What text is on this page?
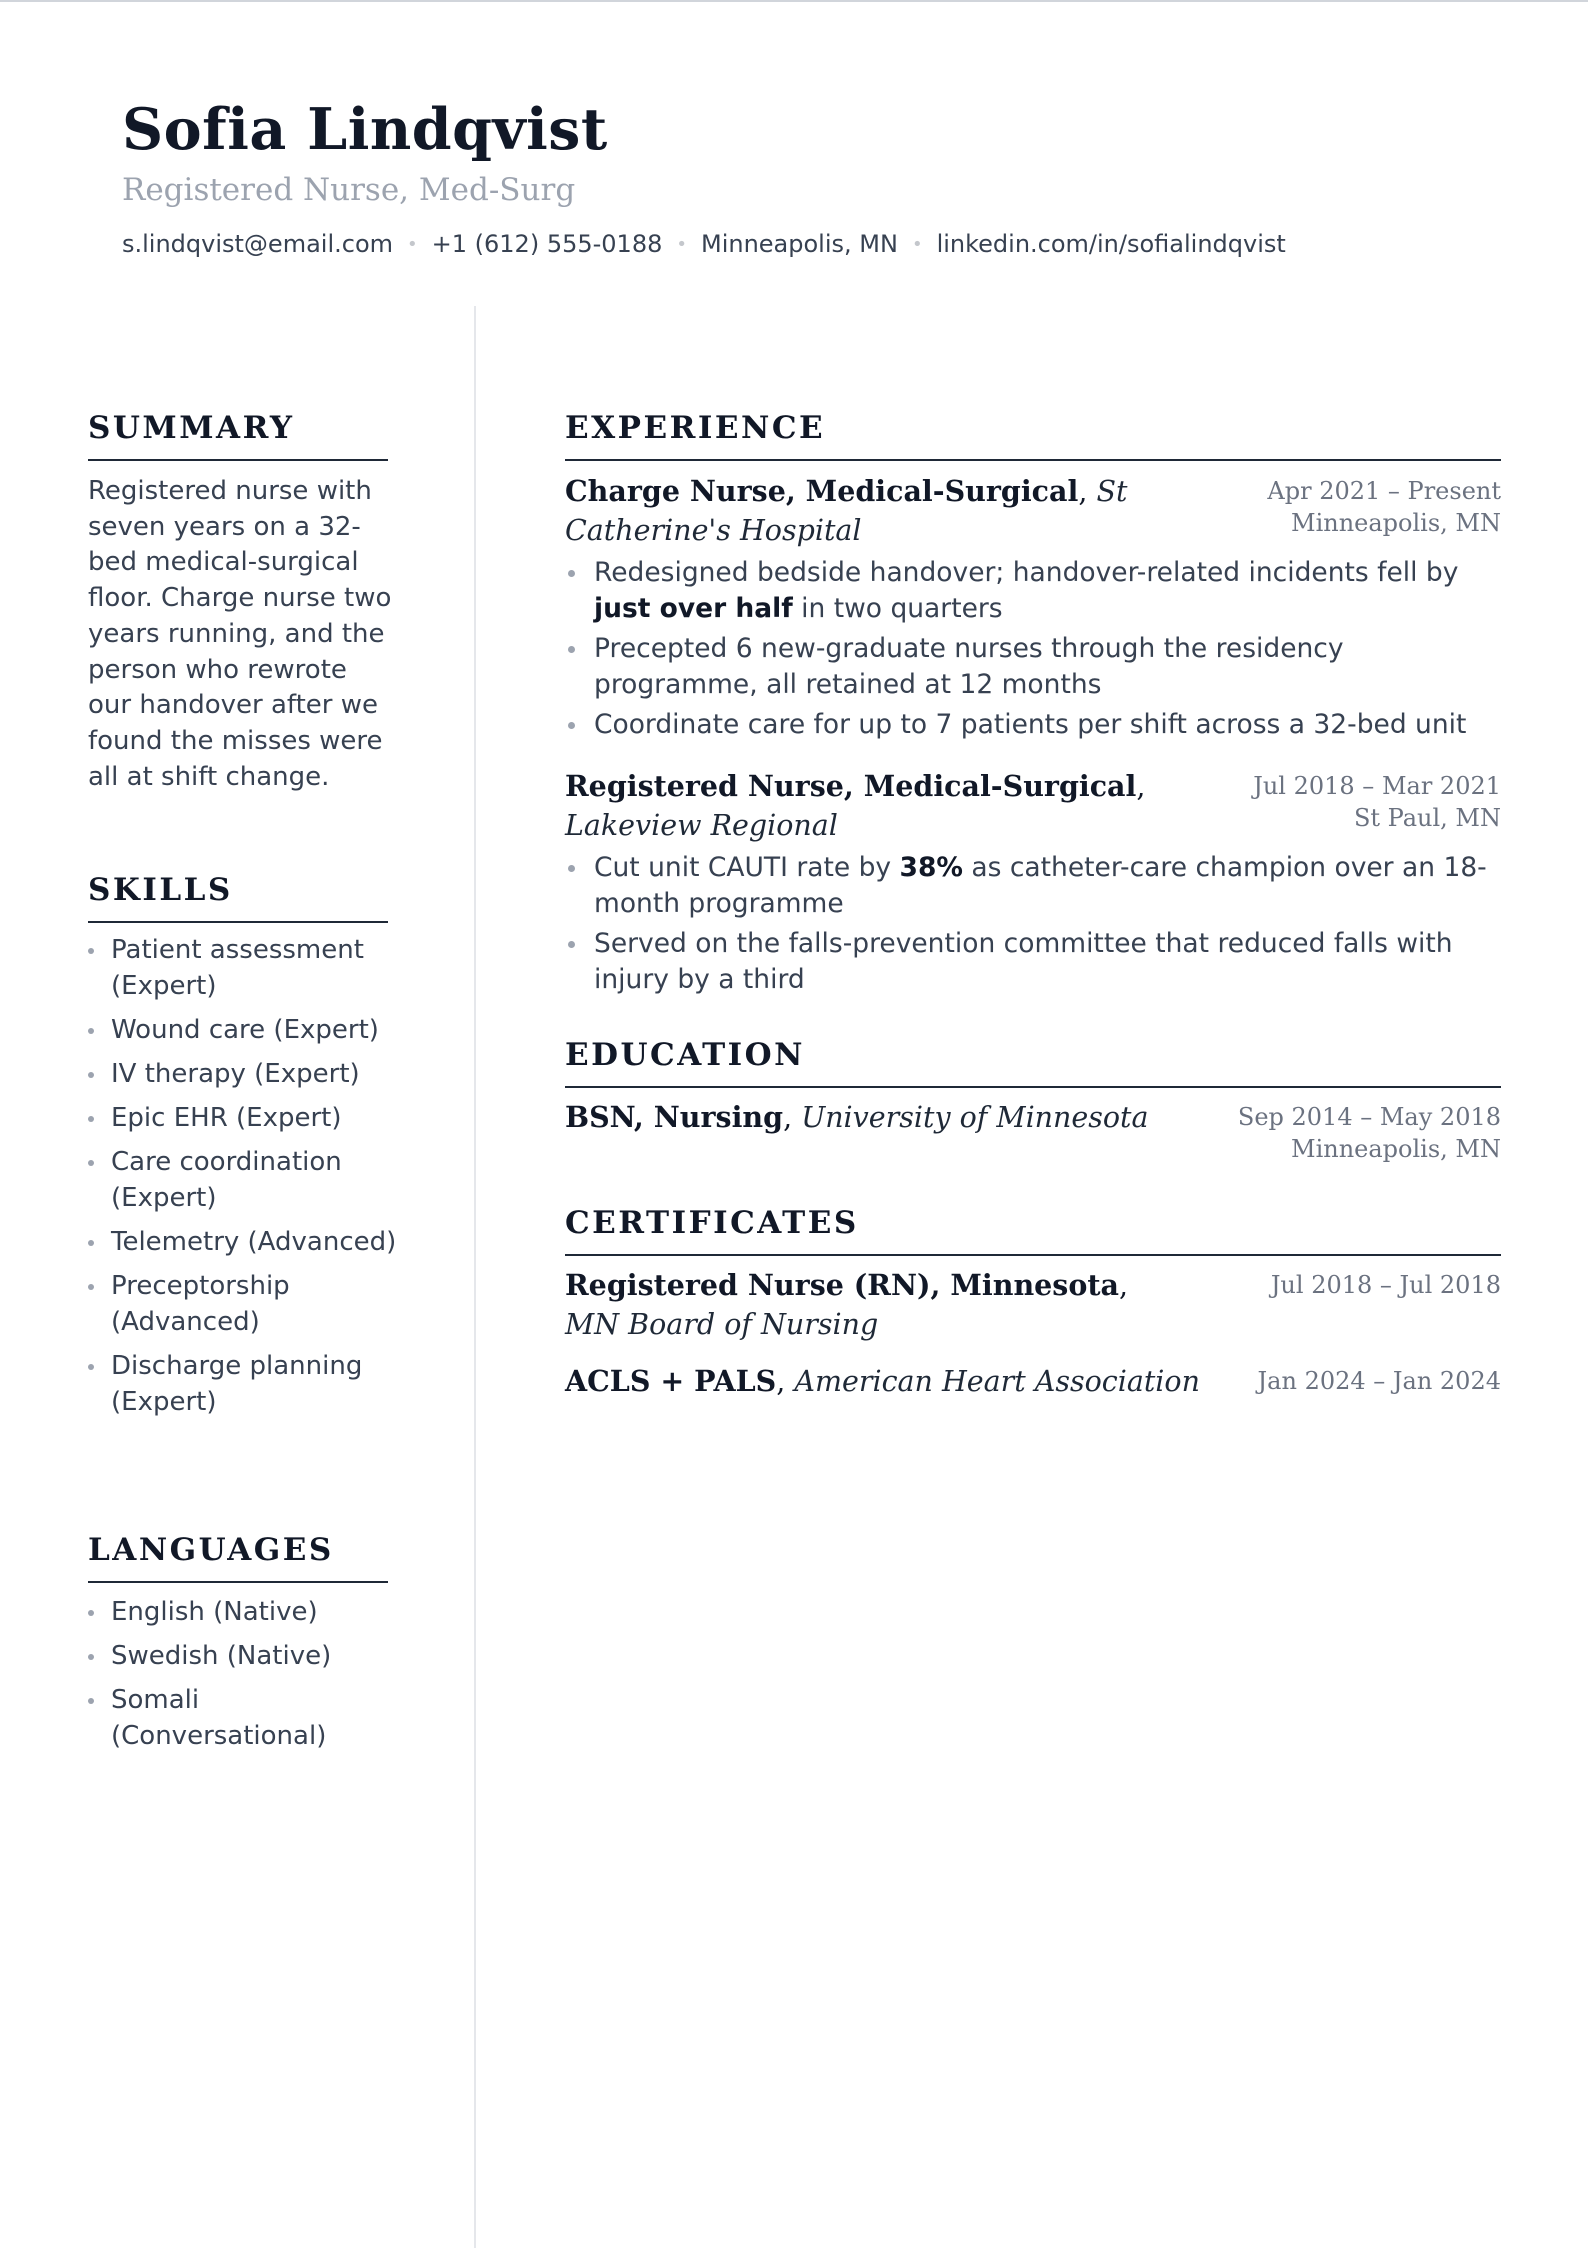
Sofia Lindqvist
Registered Nurse, Med-Surg
s.lindqvist@email.com • +1 (612) 555-0188 • Minneapolis, MN • linkedin.com/in/sofialindqvist
SUMMARY

Registered nurse with seven years on a 32-bed medical-surgical floor. Charge nurse two years running, and the person who rewrote our handover after we found the misses were all at shift change.

SKILLS
Patient assessment (Expert)
Wound care (Expert)
IV therapy (Expert)
Epic EHR (Expert)
Care coordination (Expert)
Telemetry (Advanced)
Preceptorship (Advanced)
Discharge planning (Expert)
LANGUAGES
English (Native)
Swedish (Native)
Somali (Conversational)
EXPERIENCE
Charge Nurse, Medical-Surgical, St Catherine's Hospital
Apr 2021 – Present
Minneapolis, MN
Redesigned bedside handover; handover-related incidents fell by just over half in two quarters
Precepted 6 new-graduate nurses through the residency programme, all retained at 12 months
Coordinate care for up to 7 patients per shift across a 32-bed unit
Registered Nurse, Medical-Surgical, Lakeview Regional
Jul 2018 – Mar 2021
St Paul, MN
Cut unit CAUTI rate by 38% as catheter-care champion over an 18-month programme
Served on the falls-prevention committee that reduced falls with injury by a third
EDUCATION
BSN, Nursing, University of Minnesota	Sep 2014 – May 2018
Minneapolis, MN
CERTIFICATES
Registered Nurse (RN), Minnesota, MN Board of Nursing
Jul 2018 – Jul 2018
ACLS + PALS, American Heart Association	Jan 2024 – Jan 2024
